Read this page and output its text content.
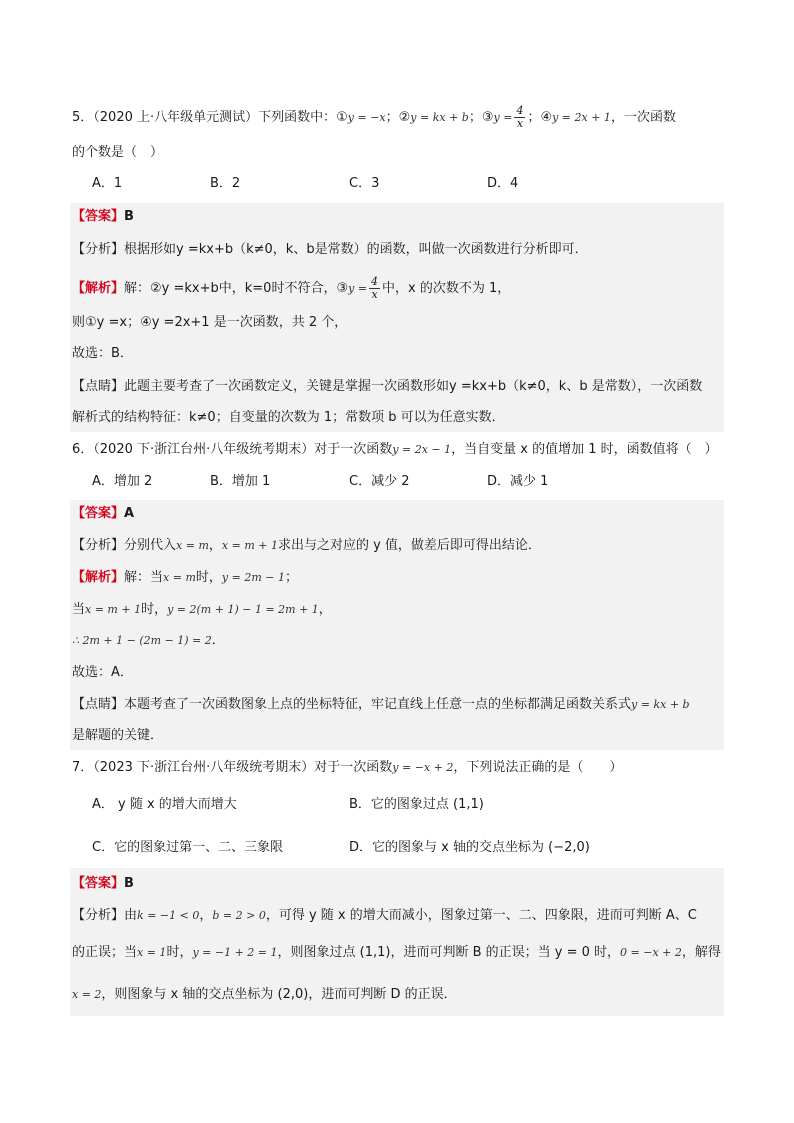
5．（2020 上·八年级单元测试）下列函数中：①y = −x；②y = kx + b；③y = $\frac{4}{x}$ ；④y = 2x + 1，一次函数
的个数是（　）
A．1	B．2	C．3	D．4
【答案】B
【分析】根据形如y =kx+b（k≠0，k、b是常数）的函数，叫做一次函数进行分析即可．
【解析】解：②y =kx+b中，k=0时不符合，③y = $\frac{4}{x}$ 中，x 的次数不为 1，
则①y =x；④y =2x+1 是一次函数，共 2 个，
故选：B．
【点睛】此题主要考查了一次函数定义，关键是掌握一次函数形如y =kx+b（k≠0，k、b 是常数），一次函数
解析式的结构特征：k≠0；自变量的次数为 1；常数项 b 可以为任意实数．
6．（2020 下·浙江台州·八年级统考期末）对于一次函数y = 2x − 1，当自变量 x 的值增加 1 时，函数值将（　）
A．增加 2	B．增加 1	C．减少 2	D．减少 1
【答案】A
【分析】分别代入x = m，x = m + 1求出与之对应的 y 值，做差后即可得出结论．
【解析】解：当x = m时，y = 2m − 1；
当x = m + 1时，y = 2(m + 1) − 1 = 2m + 1，
∴ 2m + 1 − (2m − 1) = 2．
故选：A．
【点睛】本题考查了一次函数图象上点的坐标特征，牢记直线上任意一点的坐标都满足函数关系式y = kx + b
是解题的关键．
7．（2023 下·浙江台州·八年级统考期末）对于一次函数y = −x + 2，下列说法正确的是（　　）
A． y 随 x 的增大而增大	B．它的图象过点 (1,1)
C．它的图象过第一、二、三象限	D．它的图象与 x 轴的交点坐标为 (−2,0)
【答案】B
【分析】由k = −1 < 0，b = 2 > 0，可得 y 随 x 的增大而减小，图象过第一、二、四象限，进而可判断 A、C
的正误；当x = 1时，y = −1 + 2 = 1，则图象过点 (1,1)，进而可判断 B 的正误；当 y = 0 时，0 = −x + 2，解得
x = 2，则图象与 x 轴的交点坐标为 (2,0)，进而可判断 D 的正误．
